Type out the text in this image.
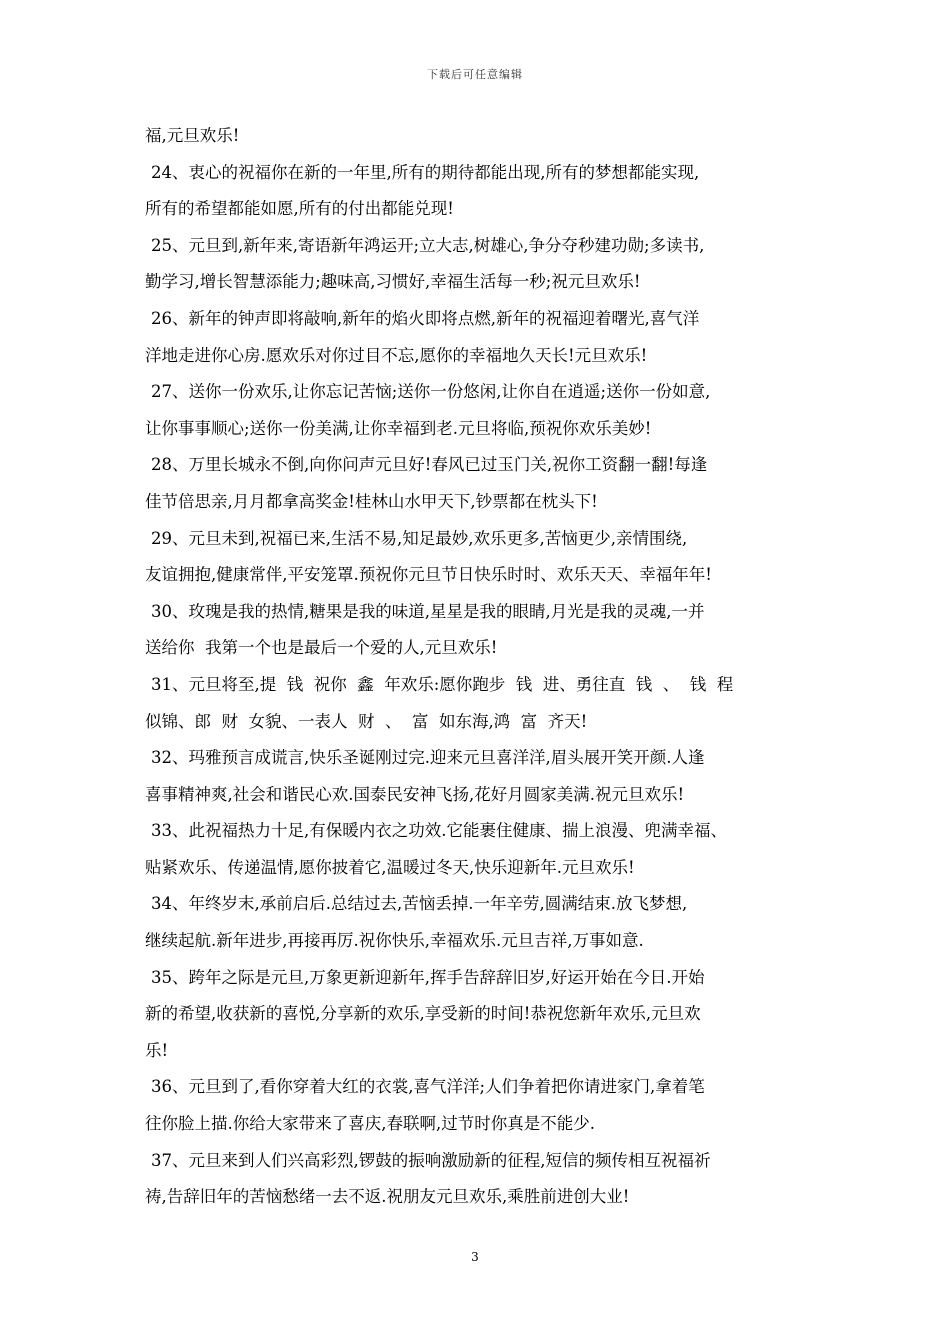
下载后可任意编辑
福,元旦欢乐!
24、衷心的祝福你在新的一年里,所有的期待都能出现,所有的梦想都能实现,
所有的希望都能如愿,所有的付出都能兑现!
25、元旦到,新年来,寄语新年鸿运开;立大志,树雄心,争分夺秒建功勋;多读书,
勤学习,增长智慧添能力;趣味高,习惯好,幸福生活每一秒;祝元旦欢乐!
26、新年的钟声即将敲响,新年的焰火即将点燃,新年的祝福迎着曙光,喜气洋
洋地走进你心房.愿欢乐对你过目不忘,愿你的幸福地久天长!元旦欢乐!
27、送你一份欢乐,让你忘记苦恼;送你一份悠闲,让你自在逍遥;送你一份如意,
让你事事顺心;送你一份美满,让你幸福到老.元旦将临,预祝你欢乐美妙!
28、万里长城永不倒,向你问声元旦好!春风已过玉门关,祝你工资翻一翻!每逢
佳节倍思亲,月月都拿高奖金!桂林山水甲天下,钞票都在枕头下!
29、元旦未到,祝福已来,生活不易,知足最妙,欢乐更多,苦恼更少,亲情围绕,
友谊拥抱,健康常伴,平安笼罩.预祝你元旦节日快乐时时、欢乐天天、幸福年年!
30、玫瑰是我的热情,糖果是我的味道,星星是我的眼睛,月光是我的灵魂,一并
送给你  我第一个也是最后一个爱的人,元旦欢乐!
31、元旦将至,提  钱  祝你  鑫  年欢乐:愿你跑步  钱  进、勇往直  钱  、  钱  程
似锦、郎  财  女貌、一表人  财  、  富  如东海,鸿  富  齐天!
32、玛雅预言成谎言,快乐圣诞刚过完.迎来元旦喜洋洋,眉头展开笑开颜.人逢
喜事精神爽,社会和谐民心欢.国泰民安神飞扬,花好月圆家美满.祝元旦欢乐!
33、此祝福热力十足,有保暖内衣之功效.它能裹住健康、揣上浪漫、兜满幸福、
贴紧欢乐、传递温情,愿你披着它,温暖过冬天,快乐迎新年.元旦欢乐!
34、年终岁末,承前启后.总结过去,苦恼丢掉.一年辛劳,圆满结束.放飞梦想,
继续起航.新年进步,再接再厉.祝你快乐,幸福欢乐.元旦吉祥,万事如意.
35、跨年之际是元旦,万象更新迎新年,挥手告辞辞旧岁,好运开始在今日.开始
新的希望,收获新的喜悦,分享新的欢乐,享受新的时间!恭祝您新年欢乐,元旦欢
乐!
36、元旦到了,看你穿着大红的衣裳,喜气洋洋;人们争着把你请进家门,拿着笔
往你脸上描.你给大家带来了喜庆,春联啊,过节时你真是不能少.
37、元旦来到人们兴高彩烈,锣鼓的振响激励新的征程,短信的频传相互祝福祈
祷,告辞旧年的苦恼愁绪一去不返.祝朋友元旦欢乐,乘胜前进创大业!
3
